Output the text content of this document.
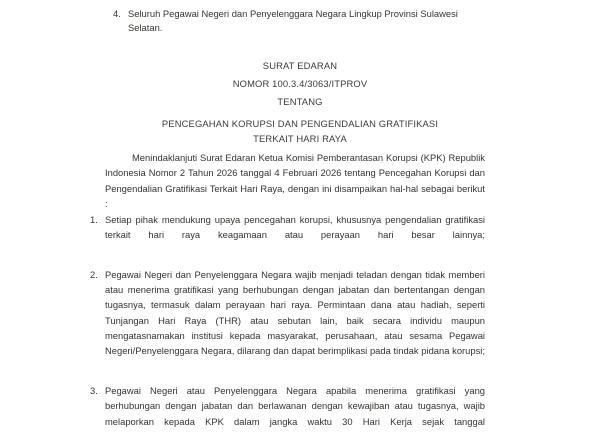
4. Seluruh Pegawai Negeri dan Penyelenggara Negara Lingkup Provinsi Sulawesi Selatan.
SURAT EDARAN
NOMOR 100.3.4/3063/ITPROV
TENTANG
PENCEGAHAN KORUPSI DAN PENGENDALIAN GRATIFIKASI
TERKAIT HARI RAYA

Menindaklanjuti Surat Edaran Ketua Komisi Pemberantasan Korupsi (KPK) Republik Indonesia Nomor 2 Tahun 2026 tanggal 4 Februari 2026 tentang Pencegahan Korupsi dan Pengendalian Gratifikasi Terkait Hari Raya, dengan ini disampaikan hal-hal sebagai berikut :

1. Setiap pihak mendukung upaya pencegahan korupsi, khususnya pengendalian gratifikasi terkait hari raya keagamaan atau perayaan hari besar lainnya;
2. Pegawai Negeri dan Penyelenggara Negara wajib menjadi teladan dengan tidak memberi atau menerima gratifikasi yang berhubungan dengan jabatan dan bertentangan dengan tugasnya, termasuk dalam perayaan hari raya. Permintaan dana atau hadiah, seperti Tunjangan Hari Raya (THR) atau sebutan lain, baik secara individu maupun mengatasnamakan institusi kepada masyarakat, perusahaan, atau sesama Pegawai Negeri/Penyelenggara Negara, dilarang dan dapat berimplikasi pada tindak pidana korupsi;
3. Pegawai Negeri atau Penyelenggara Negara apabila menerima gratifikasi yang berhubungan dengan jabatan dan berlawanan dengan kewajiban atau tugasnya, wajib melaporkan kepada KPK dalam jangka waktu 30 Hari Kerja sejak tanggal
